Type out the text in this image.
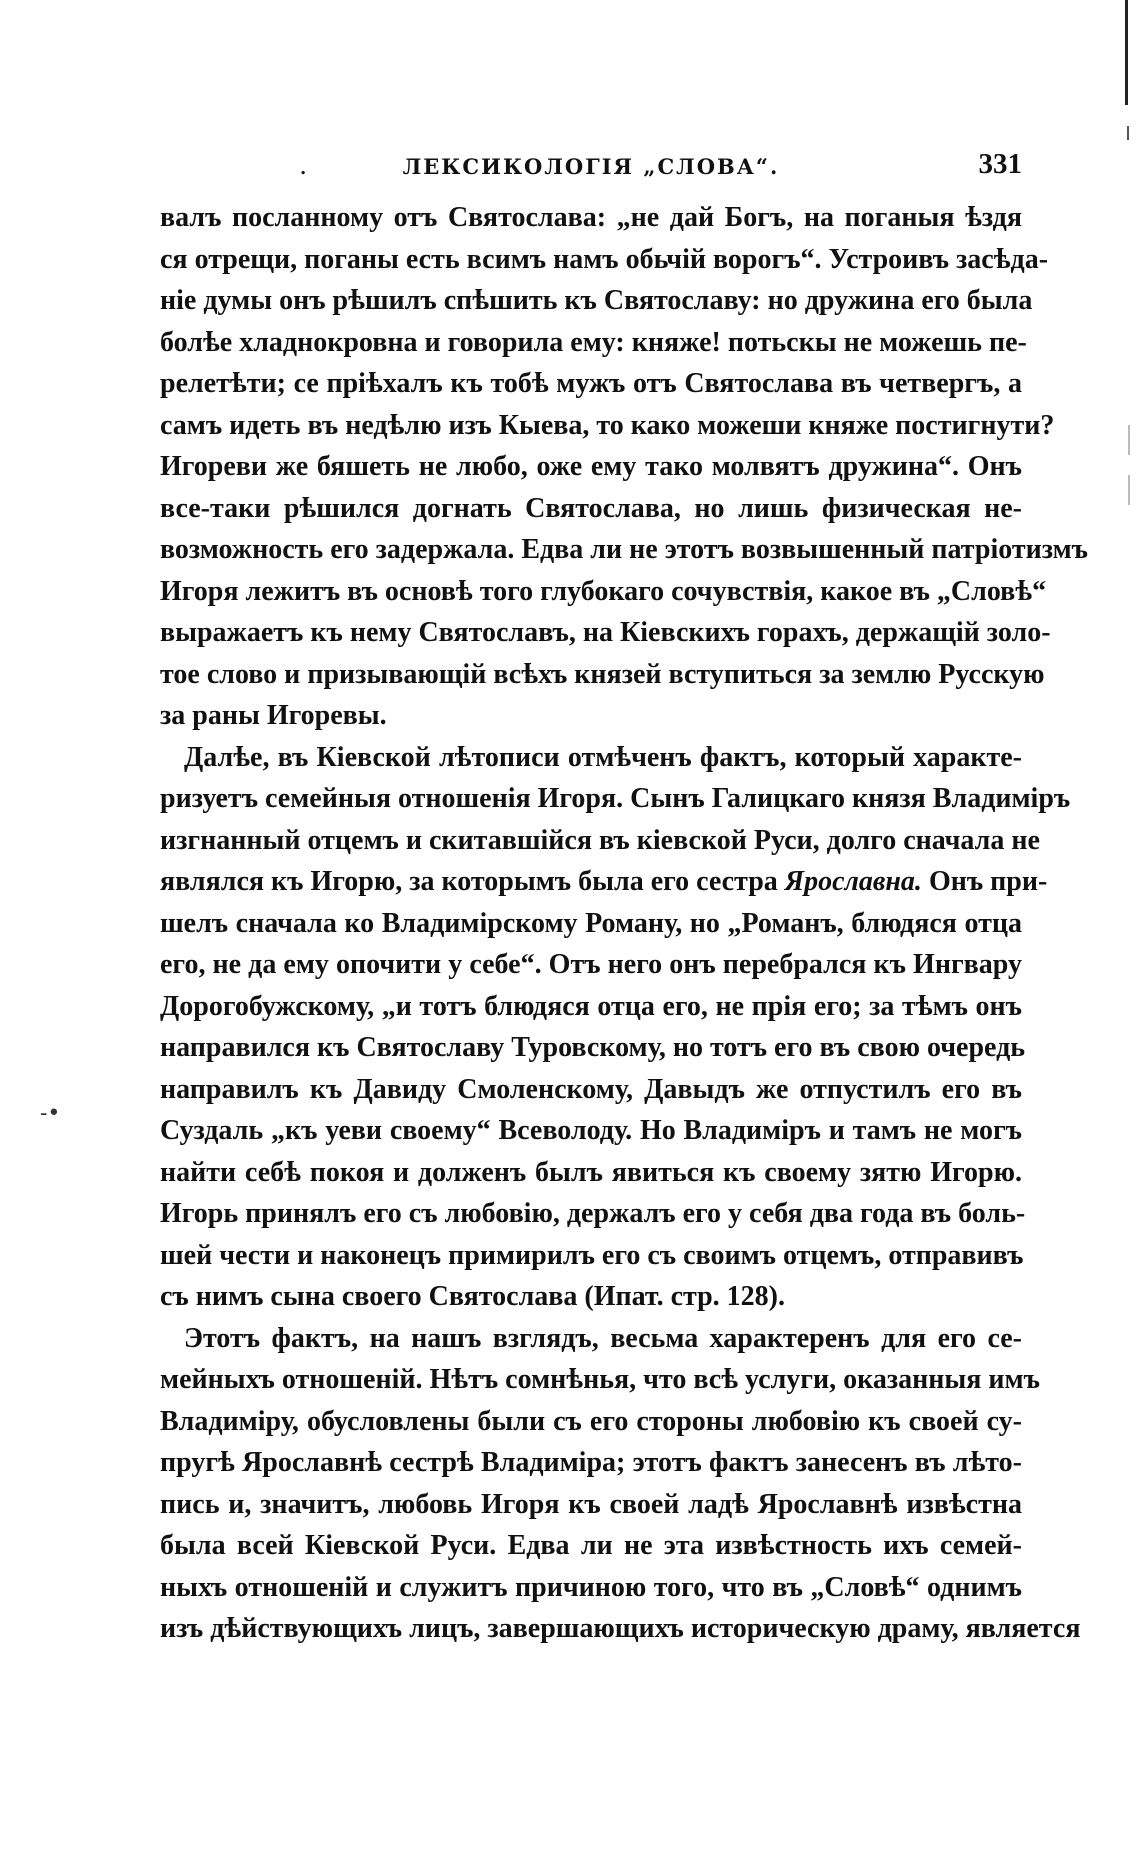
-•
.	ЛЕКСИКОЛОГІЯ „СЛОВА“.	331

валъ посланному отъ Святослава: „не дай Богъ, на поганыя ѣздя
ся отрещи, поганы есть всимъ намъ обьчій ворогъ“. Устроивъ засѣда-
ніе думы онъ рѣшилъ спѣшить къ Святославу: но дружина его была
болѣе хладнокровна и говорила ему: княже! потьскы не можешь пе-
релетѣти; се пріѣхалъ къ тобѣ мужъ отъ Святослава въ четвергъ, а
самъ идеть въ недѣлю изъ Кыева, то како можеши княже постигнути?
Игореви же бяшеть не любо, оже ему тако молвятъ дружина“. Онъ
все-таки рѣшился догнать Святослава, но лишь физическая не-
возможность его задержала. Едва ли не этотъ возвышенный патріотизмъ
Игоря лежитъ въ основѣ того глубокаго сочувствія, какое въ „Словѣ“
выражаетъ къ нему Святославъ, на Кіевскихъ горахъ, держащій золо-
тое слово и призывающій всѣхъ князей вступиться за землю Русскую
за раны Игоревы.

Далѣе, въ Кіевской лѣтописи отмѣченъ фактъ, который характе-
ризуетъ семейныя отношенія Игоря. Сынъ Галицкаго князя Владиміръ
изгнанный отцемъ и скитавшійся въ кіевской Руси, долго сначала не
являлся къ Игорю, за которымъ была его сестра Ярославна. Онъ при-
шелъ сначала ко Владимірскому Роману, но „Романъ, блюдяся отца
его, не да ему опочити у себе“. Отъ него онъ перебрался къ Ингвару
Дорогобужскому, „и тотъ блюдяся отца его, не прія его; за тѣмъ онъ
направился къ Святославу Туровскому, но тотъ его въ свою очередь
направилъ къ Давиду Смоленскому, Давыдъ же отпустилъ его въ
Суздаль „къ уеви своему“ Всеволоду. Но Владиміръ и тамъ не могъ
найти себѣ покоя и долженъ былъ явиться къ своему зятю Игорю.
Игорь принялъ его съ любовію, держалъ его у себя два года въ боль-
шей чести и наконецъ примирилъ его съ своимъ отцемъ, отправивъ
съ нимъ сына своего Святослава (Ипат. стр. 128).

Этотъ фактъ, на нашъ взглядъ, весьма характеренъ для его се-
мейныхъ отношеній. Нѣтъ сомнѣнья, что всѣ услуги, оказанныя имъ
Владиміру, обусловлены были съ его стороны любовію къ своей су-
пругѣ Ярославнѣ сестрѣ Владиміра; этотъ фактъ занесенъ въ лѣто-
пись и, значитъ, любовь Игоря къ своей ладѣ Ярославнѣ извѣстна
была всей Кіевской Руси. Едва ли не эта извѣстность ихъ семей-
ныхъ отношеній и служитъ причиною того, что въ „Словѣ“ однимъ
изъ дѣйствующихъ лицъ, завершающихъ историческую драму, является
